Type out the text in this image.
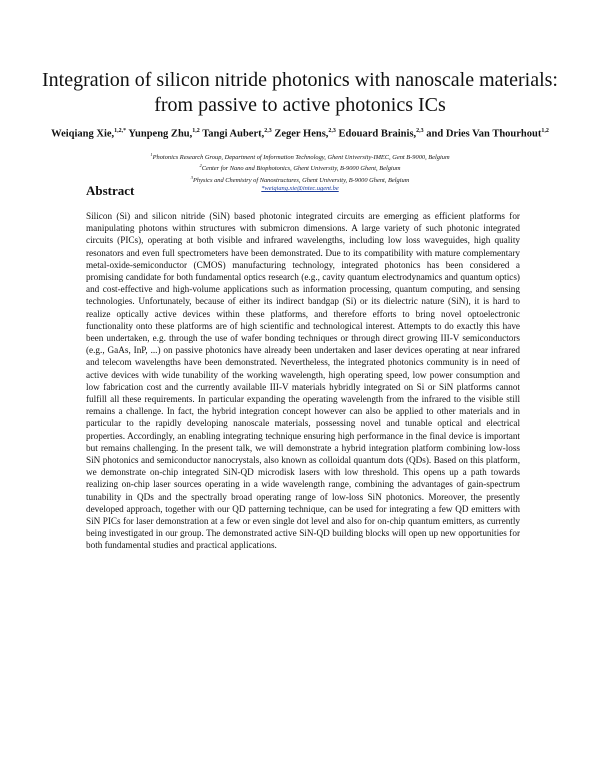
Integration of silicon nitride photonics with nanoscale materials:
from passive to active photonics ICs
Weiqiang Xie,$^{1,2,*}$ Yunpeng Zhu,$^{1,2}$ Tangi Aubert,$^{2,3}$ Zeger Hens,$^{2,3}$ Edouard Brainis,$^{2,3}$ and Dries Van Thourhout$^{1,2}$
$^1$Photonics Research Group, Department of Information Technology, Ghent University-IMEC, Gent B-9000, Belgium
$^2$Center for Nano and Biophotonics, Ghent University, B-9000 Ghent, Belgium
$^3$Physics and Chemistry of Nanostructures, Ghent University, B-9000 Ghent, Belgium
*weiqiang.xie@intec.ugent.be
Abstract

Silicon (Si) and silicon nitride (SiN) based photonic integrated circuits are emerging as efficient platforms for manipulating photons within structures with submicron dimensions. A large variety of such photonic integrated circuits (PICs), operating at both visible and infrared wavelengths, including low loss waveguides, high quality resonators and even full spectrometers have been demonstrated. Due to its compatibility with mature complementary metal-oxide-semiconductor (CMOS) manufacturing technology, integrated photonics has been considered a promising candidate for both fundamental optics research (e.g., cavity quantum electrodynamics and quantum optics) and cost-effective and high-volume applications such as information processing, quantum computing, and sensing technologies. Unfortunately, because of either its indirect bandgap (Si) or its dielectric nature (SiN), it is hard to realize optically active devices within these platforms, and therefore efforts to bring novel optoelectronic functionality onto these platforms are of high scientific and technological interest. Attempts to do exactly this have been undertaken, e.g. through the use of wafer bonding techniques or through direct growing III-V semiconductors (e.g., GaAs, InP, ...) on passive photonics have already been undertaken and laser devices operating at near infrared and telecom wavelengths have been demonstrated. Nevertheless, the integrated photonics community is in need of active devices with wide tunability of the working wavelength, high operating speed, low power consumption and low fabrication cost and the currently available III-V materials hybridly integrated on Si or SiN platforms cannot fulfill all these requirements. In particular expanding the operating wavelength from the infrared to the visible still remains a challenge. In fact, the hybrid integration concept however can also be applied to other materials and in particular to the rapidly developing nanoscale materials, possessing novel and tunable optical and electrical properties. Accordingly, an enabling integrating technique ensuring high performance in the final device is important but remains challenging. In the present talk, we will demonstrate a hybrid integration platform combining low-loss SiN photonics and semiconductor nanocrystals, also known as colloidal quantum dots (QDs). Based on this platform, we demonstrate on-chip integrated SiN-QD microdisk lasers with low threshold. This opens up a path towards realizing on-chip laser sources operating in a wide wavelength range, combining the advantages of gain-spectrum tunability in QDs and the spectrally broad operating range of low-loss SiN photonics. Moreover, the presently developed approach, together with our QD patterning technique, can be used for integrating a few QD emitters with SiN PICs for laser demonstration at a few or even single dot level and also for on-chip quantum emitters, as currently being investigated in our group. The demonstrated active SiN-QD building blocks will open up new opportunities for both fundamental studies and practical applications.
